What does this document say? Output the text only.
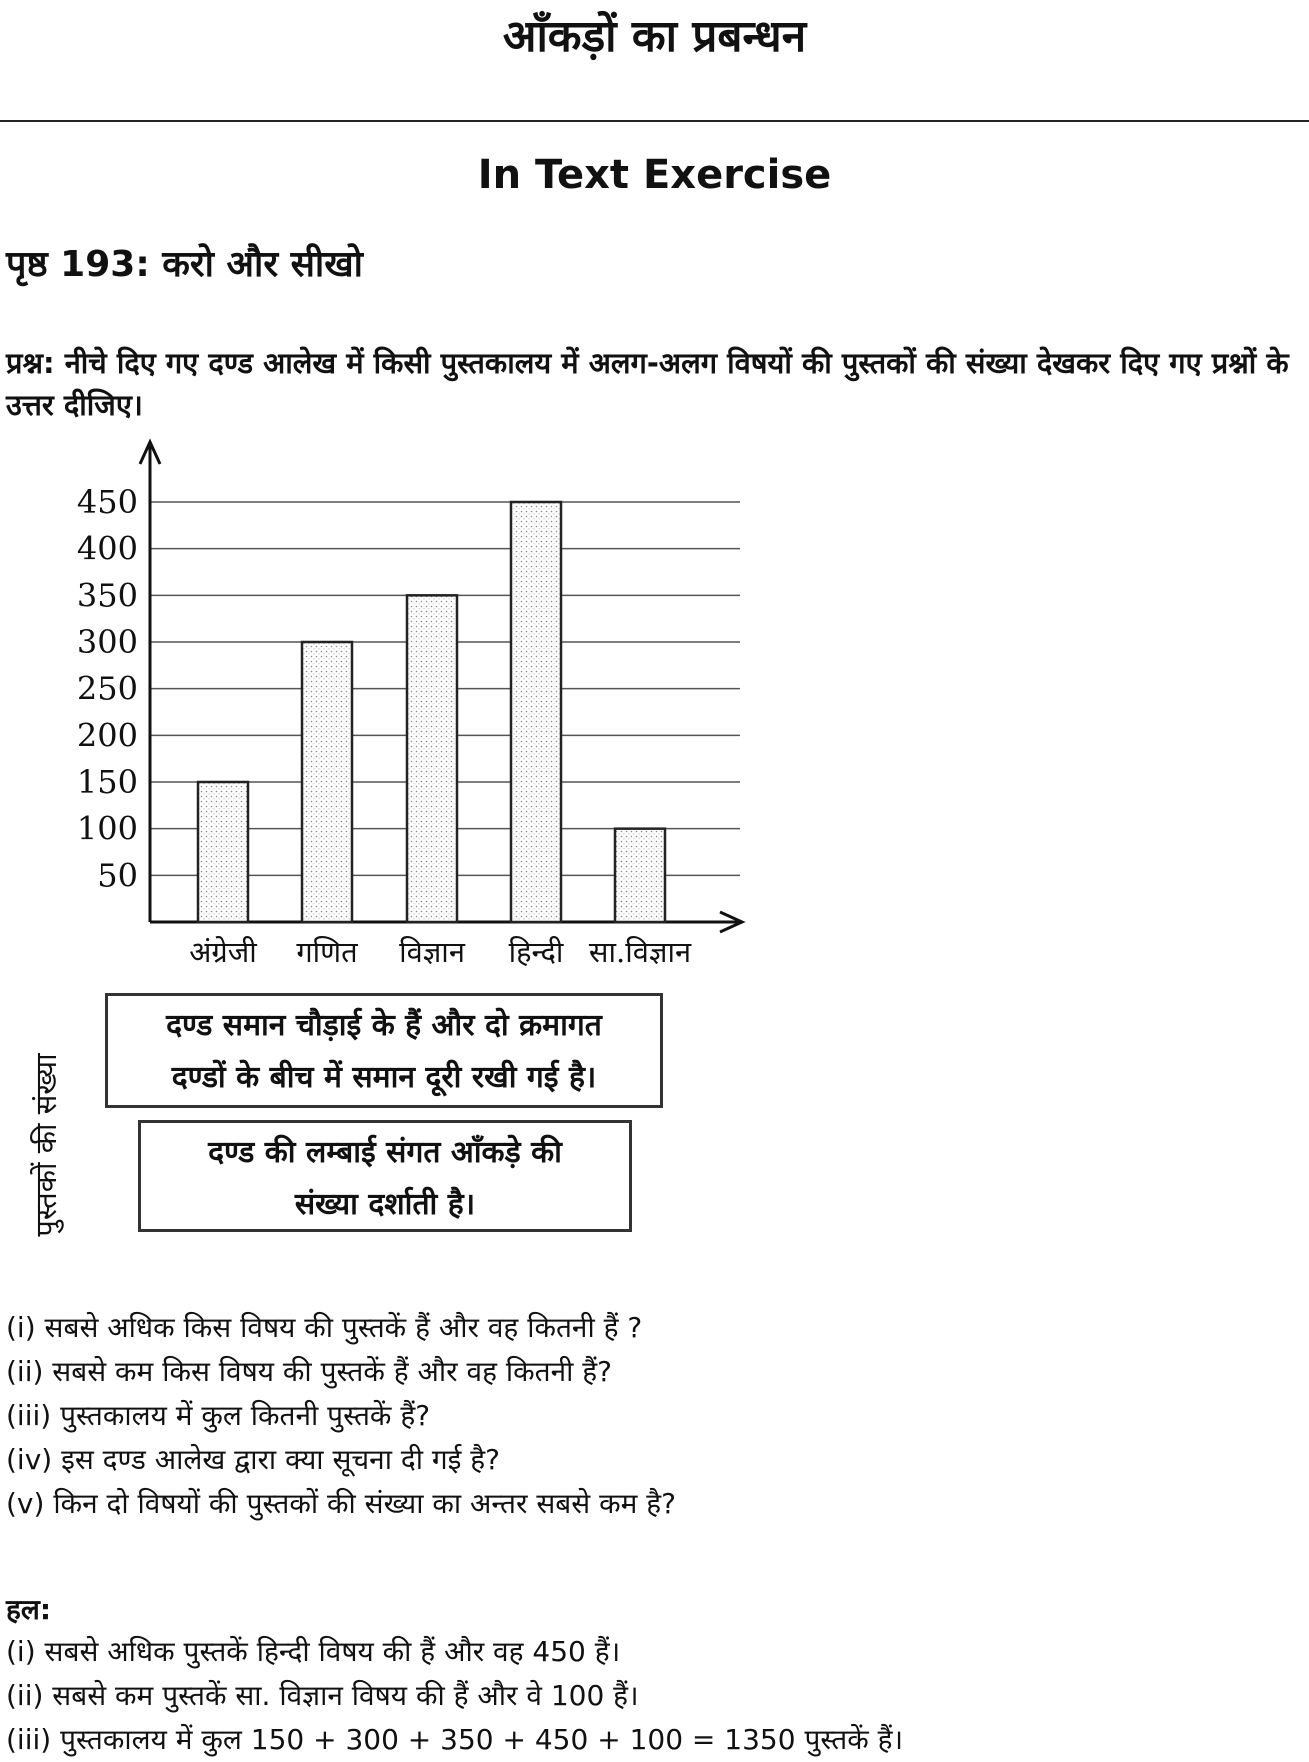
आँकड़ों का प्रबन्धन
In Text Exercise
पृष्ठ 193: करो और सीखो

प्रश्न: नीचे दिए गए दण्ड आलेख में किसी पुस्तकालय में अलग-अलग विषयों की पुस्तकों की संख्या देखकर दिए गए प्रश्नों के उत्तर दीजिए।

50
100
150
200
250
300
350
400
450
अंग्रेजी गणित विज्ञान हिन्दी सा.विज्ञान
पुस्तकों की संख्या

दण्ड समान चौड़ाई के हैं और दो क्रमागत

दण्डों के बीच में समान दूरी रखी गई है।

दण्ड की लम्बाई संगत आँकड़े की

संख्या दर्शाती है।

(i) सबसे अधिक किस विषय की पुस्तकें हैं और वह कितनी हैं ?
(ii) सबसे कम किस विषय की पुस्तकें हैं और वह कितनी हैं?
(iii) पुस्तकालय में कुल कितनी पुस्तकें हैं?
(iv) इस दण्ड आलेख द्वारा क्या सूचना दी गई है?
(v) किन दो विषयों की पुस्तकों की संख्या का अन्तर सबसे कम है?

हल:

(i) सबसे अधिक पुस्तकें हिन्दी विषय की हैं और वह 450 हैं।
(ii) सबसे कम पुस्तकें सा. विज्ञान विषय की हैं और वे 100 हैं।
(iii) पुस्तकालय में कुल 150 + 300 + 350 + 450 + 100 = 1350 पुस्तकें हैं।
